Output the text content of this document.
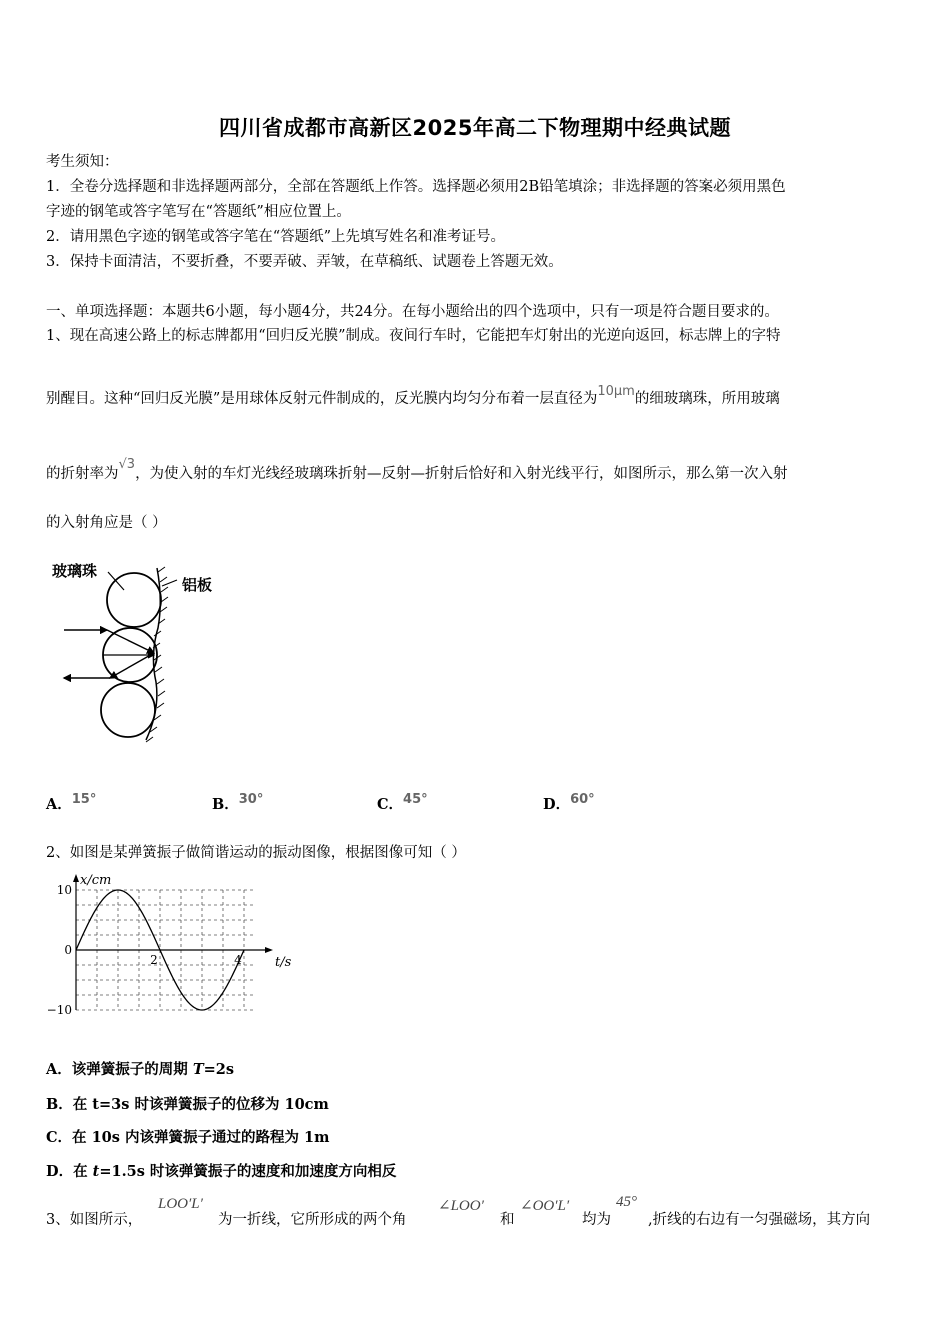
四川省成都市高新区2025年高二下物理期中经典试题
考生须知：
1．全卷分选择题和非选择题两部分，全部在答题纸上作答。选择题必须用2B铅笔填涂；非选择题的答案必须用黑色
字迹的钢笔或答字笔写在“答题纸”相应位置上。
2．请用黑色字迹的钢笔或答字笔在“答题纸”上先填写姓名和准考证号。
3．保持卡面清洁，不要折叠，不要弄破、弄皱，在草稿纸、试题卷上答题无效。
一、单项选择题：本题共6小题，每小题4分，共24分。在每小题给出的四个选项中，只有一项是符合题目要求的。
1、现在高速公路上的标志牌都用“回归反光膜”制成。夜间行车时，它能把车灯射出的光逆向返回，标志牌上的字特
别醒目。这种“回归反光膜”是用球体反射元件制成的，反光膜内均匀分布着一层直径为10μm的细玻璃珠，所用玻璃
的折射率为√3，为使入射的车灯光线经玻璃珠折射—反射—折射后恰好和入射光线平行，如图所示，那么第一次入射
的入射角应是（ ）
玻璃珠
铝板
A．15°	B．30°	C．45°	D．60°
2、如图是某弹簧振子做简谐运动的振动图像，根据图像可知（ ）
x/cm
t/s
10
0
−10
2	4
A．该弹簧振子的周期 T=2s
B．在 t=3s 时该弹簧振子的位移为 10cm
C．在 10s 内该弹簧振子通过的路程为 1m
D．在 t=1.5s 时该弹簧振子的速度和加速度方向相反
3、如图所示，
LOO′L′
为一折线，它所形成的两个角
∠LOO′
和
∠OO′L′
均为
45°
,折线的右边有一匀强磁场，其方向
